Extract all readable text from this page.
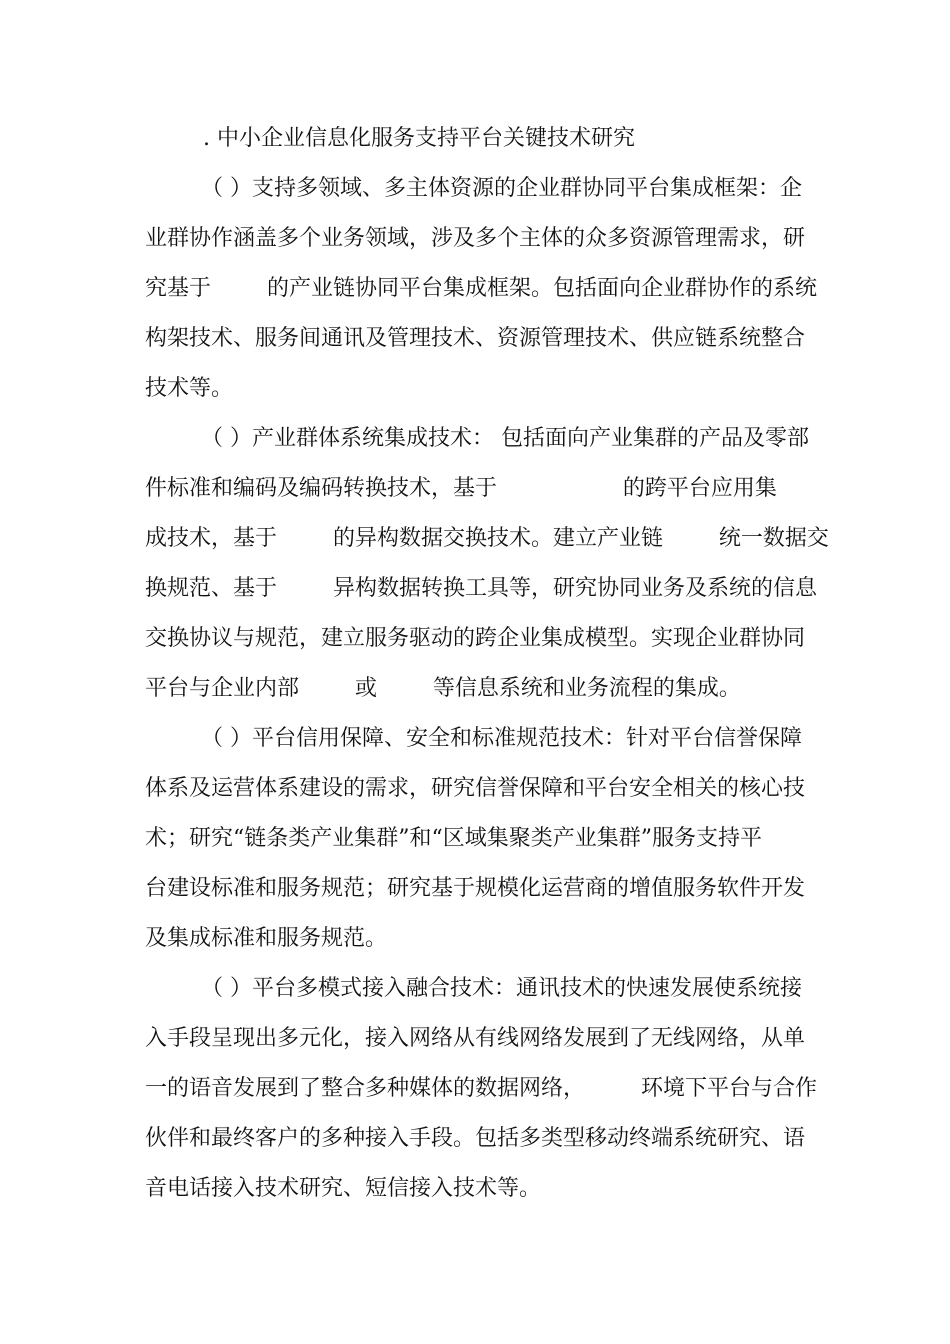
. 中小企业信息化服务支持平台关键技术研究
（ ）支持多领域、多主体资源的企业群协同平台集成框架：企
业群协作涵盖多个业务领域，涉及多个主体的众多资源管理需求，研
究基于        的产业链协同平台集成框架。包括面向企业群协作的系统
构架技术、服务间通讯及管理技术、资源管理技术、供应链系统整合
技术等。
（ ）产业群体系统集成技术： 包括面向产业集群的产品及零部
件标准和编码及编码转换技术，基于                  的跨平台应用集
成技术，基于        的异构数据交换技术。建立产业链        统一数据交
换规范、基于        异构数据转换工具等，研究协同业务及系统的信息
交换协议与规范，建立服务驱动的跨企业集成模型。实现企业群协同
平台与企业内部        或        等信息系统和业务流程的集成。
（ ）平台信用保障、安全和标准规范技术：针对平台信誉保障
体系及运营体系建设的需求，研究信誉保障和平台安全相关的核心技
术；研究“链条类产业集群”和“区域集聚类产业集群”服务支持平
台建设标准和服务规范；研究基于规模化运营商的增值服务软件开发
及集成标准和服务规范。
（ ）平台多模式接入融合技术：通讯技术的快速发展使系统接
入手段呈现出多元化，接入网络从有线网络发展到了无线网络，从单
一的语音发展到了整合多种媒体的数据网络，        环境下平台与合作
伙伴和最终客户的多种接入手段。包括多类型移动终端系统研究、语
音电话接入技术研究、短信接入技术等。
